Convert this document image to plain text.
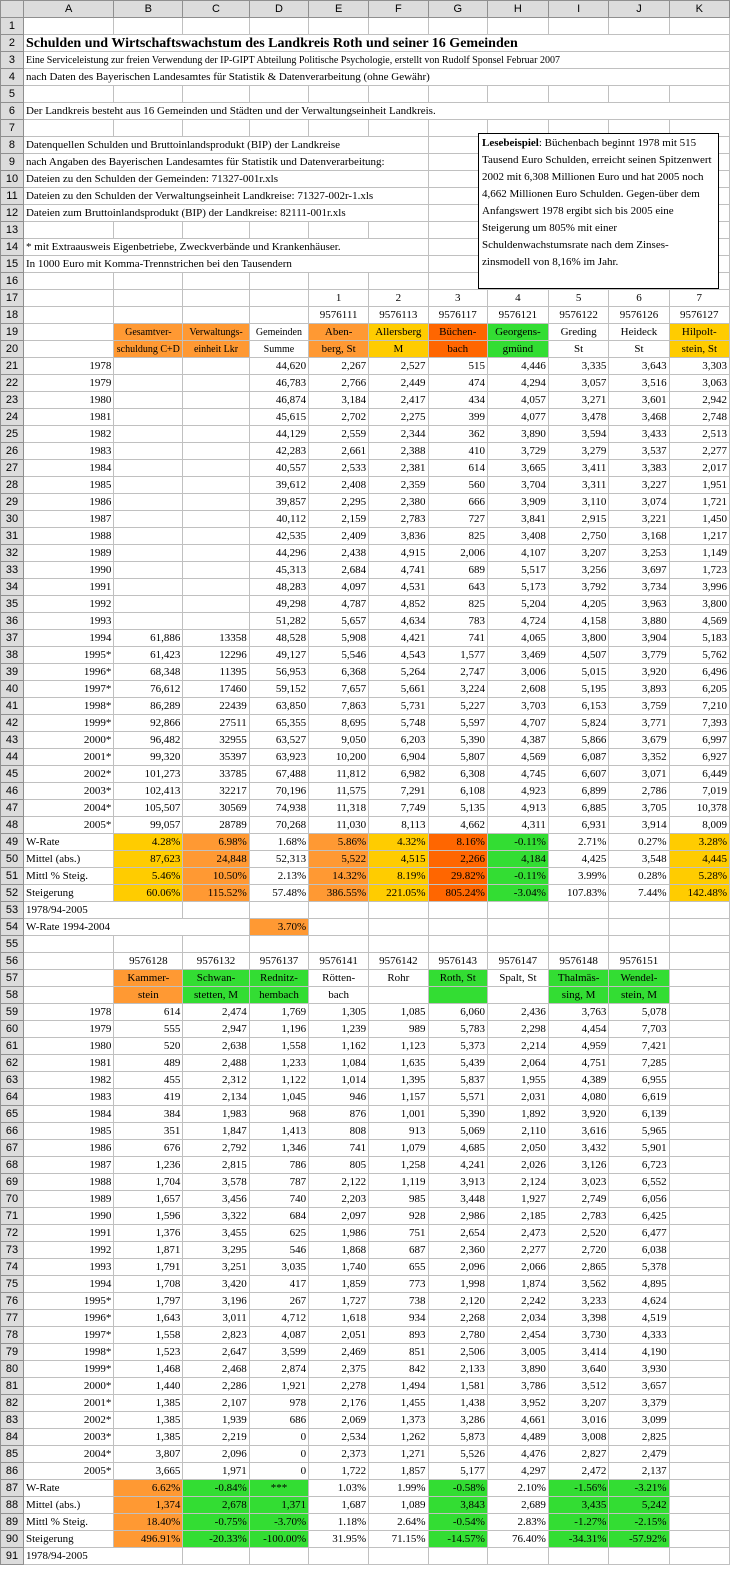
	A	B	C	D	E	F	G	H	I	J	K
1											
2	Schulden und Wirtschaftswachstum des Landkreis Roth und seiner 16 Gemeinden										
3	Eine Serviceleistung zur freien Verwendung der IP-GIPT Abteilung Politische Psychologie, erstellt von Rudolf Sponsel Februar 2007										
4	nach Daten des Bayerischen Landesamtes für Statistik & Datenverarbeitung (ohne Gewähr)										
5											
6	Der Landkreis besteht aus 16 Gemeinden und Städten und der Verwaltungseinheit Landkreis.										
7											
8	Datenquellen Schulden und Bruttoinlandsprodukt (BIP) der Landkreise										
9	nach Angaben des Bayerischen Landesamtes für Statistik und Datenverarbeitung:										
10	Dateien zu den Schulden der Gemeinden: 71327-001r.xls										
11	Dateien zu den Schulden der Verwaltungseinheit Landkreise: 71327-002r-1.xls										
12	Dateien zum Bruttoinlandsprodukt (BIP) der Landkreise: 82111-001r.xls										
13											
14	* mit Extraausweis Eigenbetriebe, Zweckverbände und Krankenhäuser.										
15	In 1000 Euro mit Komma-Trennstrichen bei den Tausendern										
16											
17					1	2	3	4	5	6	7
18					9576111	9576113	9576117	9576121	9576122	9576126	9576127
19		Gesamtver-	Verwaltungs-	Gemeinden	Aben-	Allersberg	Büchen-	Georgens-	Greding	Heideck	Hilpolt-
20		schuldung C+D	einheit Lkr	Summe	berg, St	M	bach	gmünd	St	St	stein, St
21	1978			44,620	2,267	2,527	515	4,446	3,335	3,643	3,303
22	1979			46,783	2,766	2,449	474	4,294	3,057	3,516	3,063
23	1980			46,874	3,184	2,417	434	4,057	3,271	3,601	2,942
24	1981			45,615	2,702	2,275	399	4,077	3,478	3,468	2,748
25	1982			44,129	2,559	2,344	362	3,890	3,594	3,433	2,513
26	1983			42,283	2,661	2,388	410	3,729	3,279	3,537	2,277
27	1984			40,557	2,533	2,381	614	3,665	3,411	3,383	2,017
28	1985			39,612	2,408	2,359	560	3,704	3,311	3,227	1,951
29	1986			39,857	2,295	2,380	666	3,909	3,110	3,074	1,721
30	1987			40,112	2,159	2,783	727	3,841	2,915	3,221	1,450
31	1988			42,535	2,409	3,836	825	3,408	2,750	3,168	1,217
32	1989			44,296	2,438	4,915	2,006	4,107	3,207	3,253	1,149
33	1990			45,313	2,684	4,741	689	5,517	3,256	3,697	1,723
34	1991			48,283	4,097	4,531	643	5,173	3,792	3,734	3,996
35	1992			49,298	4,787	4,852	825	5,204	4,205	3,963	3,800
36	1993			51,282	5,657	4,634	783	4,724	4,158	3,880	4,569
37	1994	61,886	13358	48,528	5,908	4,421	741	4,065	3,800	3,904	5,183
38	1995*	61,423	12296	49,127	5,546	4,543	1,577	3,469	4,507	3,779	5,762
39	1996*	68,348	11395	56,953	6,368	5,264	2,747	3,006	5,015	3,920	6,496
40	1997*	76,612	17460	59,152	7,657	5,661	3,224	2,608	5,195	3,893	6,205
41	1998*	86,289	22439	63,850	7,863	5,731	5,227	3,703	6,153	3,759	7,210
42	1999*	92,866	27511	65,355	8,695	5,748	5,597	4,707	5,824	3,771	7,393
43	2000*	96,482	32955	63,527	9,050	6,203	5,390	4,387	5,866	3,679	6,997
44	2001*	99,320	35397	63,923	10,200	6,904	5,807	4,569	6,087	3,352	6,927
45	2002*	101,273	33785	67,488	11,812	6,982	6,308	4,745	6,607	3,071	6,449
46	2003*	102,413	32217	70,196	11,575	7,291	6,108	4,923	6,899	2,786	7,019
47	2004*	105,507	30569	74,938	11,318	7,749	5,135	4,913	6,885	3,705	10,378
48	2005*	99,057	28789	70,268	11,030	8,113	4,662	4,311	6,931	3,914	8,009
49	W-Rate	4.28%	6.98%	1.68%	5.86%	4.32%	8.16%	-0.11%	2.71%	0.27%	3.28%
50	Mittel (abs.)	87,623	24,848	52,313	5,522	4,515	2,266	4,184	4,425	3,548	4,445
51	Mittl % Steig.	5.46%	10.50%	2.13%	14.32%	8.19%	29.82%	-0.11%	3.99%	0.28%	5.28%
52	Steigerung	60.06%	115.52%	57.48%	386.55%	221.05%	805.24%	-3.04%	107.83%	7.44%	142.48%
53	1978/94-2005										
54	W-Rate 1994-2004			3.70%							
55											
56		9576128	9576132	9576137	9576141	9576142	9576143	9576147	9576148	9576151	
57		Kammer-	Schwan-	Rednitz-	Rötten-	Rohr	Roth, St	Spalt, St	Thalmäs-	Wendel-	
58		stein	stetten, M	hembach	bach				sing, M	stein, M	
59	1978	614	2,474	1,769	1,305	1,085	6,060	2,436	3,763	5,078	
60	1979	555	2,947	1,196	1,239	989	5,783	2,298	4,454	7,703	
61	1980	520	2,638	1,558	1,162	1,123	5,373	2,214	4,959	7,421	
62	1981	489	2,488	1,233	1,084	1,635	5,439	2,064	4,751	7,285	
63	1982	455	2,312	1,122	1,014	1,395	5,837	1,955	4,389	6,955	
64	1983	419	2,134	1,045	946	1,157	5,571	2,031	4,080	6,619	
65	1984	384	1,983	968	876	1,001	5,390	1,892	3,920	6,139	
66	1985	351	1,847	1,413	808	913	5,069	2,110	3,616	5,965	
67	1986	676	2,792	1,346	741	1,079	4,685	2,050	3,432	5,901	
68	1987	1,236	2,815	786	805	1,258	4,241	2,026	3,126	6,723	
69	1988	1,704	3,578	787	2,122	1,119	3,913	2,124	3,023	6,552	
70	1989	1,657	3,456	740	2,203	985	3,448	1,927	2,749	6,056	
71	1990	1,596	3,322	684	2,097	928	2,986	2,185	2,783	6,425	
72	1991	1,376	3,455	625	1,986	751	2,654	2,473	2,520	6,477	
73	1992	1,871	3,295	546	1,868	687	2,360	2,277	2,720	6,038	
74	1993	1,791	3,251	3,035	1,740	655	2,096	2,066	2,865	5,378	
75	1994	1,708	3,420	417	1,859	773	1,998	1,874	3,562	4,895	
76	1995*	1,797	3,196	267	1,727	738	2,120	2,242	3,233	4,624	
77	1996*	1,643	3,011	4,712	1,618	934	2,268	2,034	3,398	4,519	
78	1997*	1,558	2,823	4,087	2,051	893	2,780	2,454	3,730	4,333	
79	1998*	1,523	2,647	3,599	2,469	851	2,506	3,005	3,414	4,190	
80	1999*	1,468	2,468	2,874	2,375	842	2,133	3,890	3,640	3,930	
81	2000*	1,440	2,286	1,921	2,278	1,494	1,581	3,786	3,512	3,657	
82	2001*	1,385	2,107	978	2,176	1,455	1,438	3,952	3,207	3,379	
83	2002*	1,385	1,939	686	2,069	1,373	3,286	4,661	3,016	3,099	
84	2003*	1,385	2,219	0	2,534	1,262	5,873	4,489	3,008	2,825	
85	2004*	3,807	2,096	0	2,373	1,271	5,526	4,476	2,827	2,479	
86	2005*	3,665	1,971	0	1,722	1,857	5,177	4,297	2,472	2,137	
87	W-Rate	6.62%	-0.84%	***	1.03%	1.99%	-0.58%	2.10%	-1.56%	-3.21%	
88	Mittel (abs.)	1,374	2,678	1,371	1,687	1,089	3,843	2,689	3,435	5,242	
89	Mittl % Steig.	18.40%	-0.75%	-3.70%	1.18%	2.64%	-0.54%	2.83%	-1.27%	-2.15%	
90	Steigerung	496.91%	-20.33%	-100.00%	31.95%	71.15%	-14.57%	76.40%	-34.31%	-57.92%	
91	1978/94-2005										
Lesebeispiel: Büchenbach beginnt 1978 mit 515 Tausend Euro Schulden, erreicht seinen Spitzenwert 2002 mit 6,308 Millionen Euro und hat 2005 noch 4,662 Millionen Euro Schulden. Gegen-über dem Anfangswert 1978 ergibt sich bis 2005 eine Steigerung um 805% mit einer Schuldenwachstumsrate nach dem Zinses-zinsmodell von 8,16% im Jahr.
